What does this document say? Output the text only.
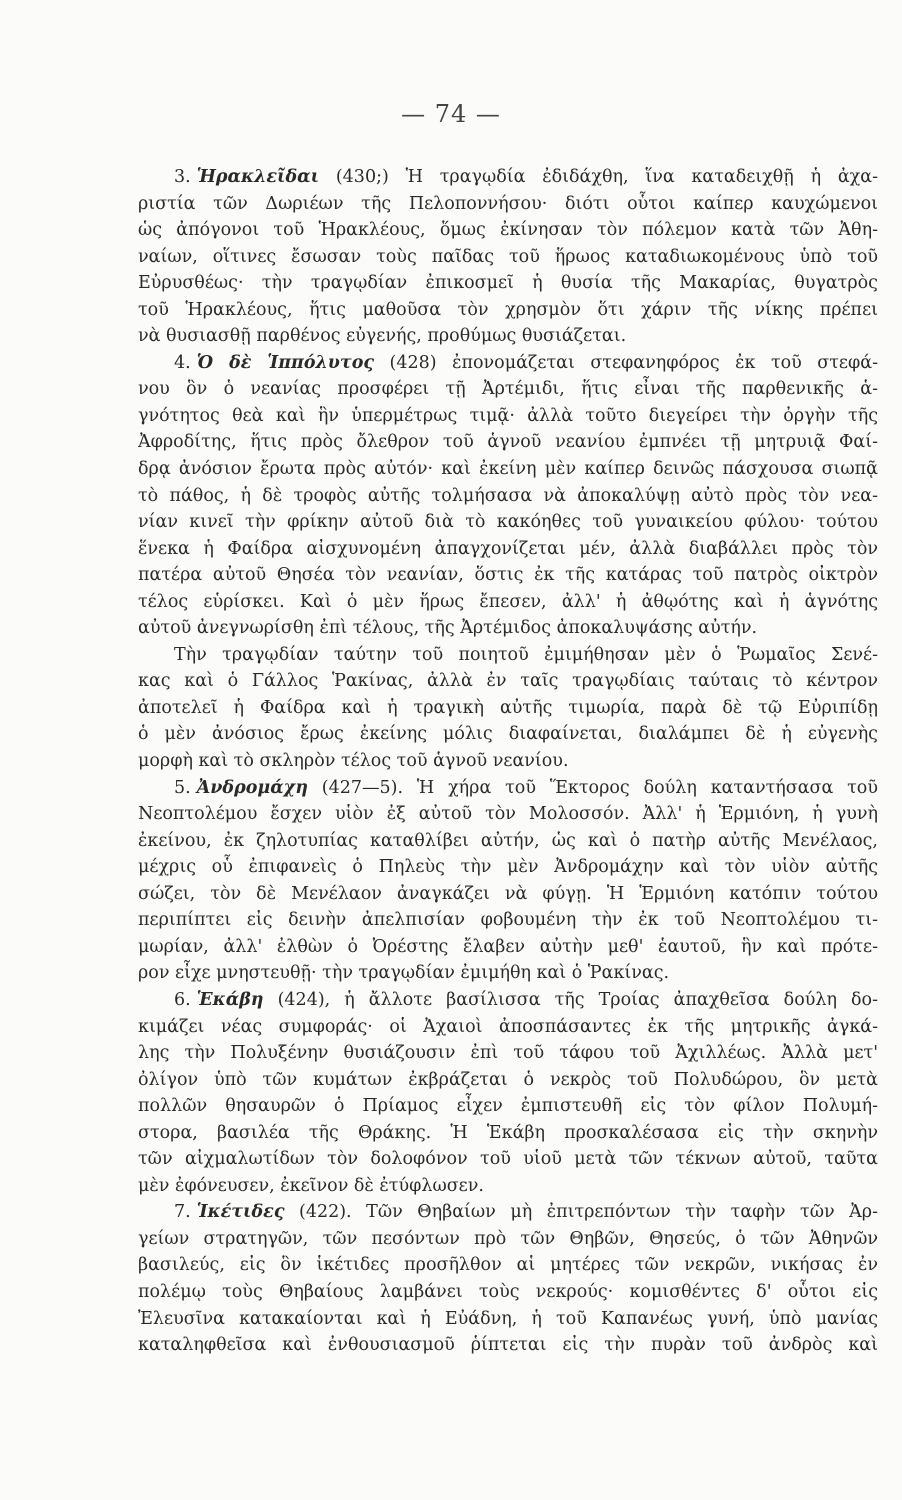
— 74 —
3. Ἡρακλεῖδαι (430;) Ἡ τραγῳδία ἐδιδάχθη, ἵνα καταδειχθῇ ἡ ἀχα-
ριστία τῶν Δωριέων τῆς Πελοποννήσου· διότι οὗτοι καίπερ καυχώμενοι
ὡς ἀπόγονοι τοῦ Ἡρακλέους, ὅμως ἐκίνησαν τὸν πόλεμον κατὰ τῶν Ἀθη-
ναίων, οἵτινες ἔσωσαν τοὺς παῖδας τοῦ ἥρωος καταδιωκομένους ὑπὸ τοῦ
Εὐρυσθέως· τὴν τραγῳδίαν ἐπικοσμεῖ ἡ θυσία τῆς Μακαρίας, θυγατρὸς
τοῦ Ἡρακλέους, ἥτις μαθοῦσα τὸν χρησμὸν ὅτι χάριν τῆς νίκης πρέπει
νὰ θυσιασθῇ παρθένος εὐγενής, προθύμως θυσιάζεται.
4. Ὁ δὲ Ἱππόλυτος (428) ἐπονομάζεται στεφανηφόρος ἐκ τοῦ στεφά-
νου ὃν ὁ νεανίας προσφέρει τῇ Ἀρτέμιδι, ἥτις εἶναι τῆς παρθενικῆς ἁ-
γνότητος θεὰ καὶ ἣν ὑπερμέτρως τιμᾷ· ἀλλὰ τοῦτο διεγείρει τὴν ὀργὴν τῆς
Ἀφροδίτης, ἥτις πρὸς ὄλεθρον τοῦ ἁγνοῦ νεανίου ἐμπνέει τῇ μητρυιᾷ Φαί-
δρᾳ ἀνόσιον ἔρωτα πρὸς αὐτόν· καὶ ἐκείνη μὲν καίπερ δεινῶς πάσχουσα σιωπᾷ
τὸ πάθος, ἡ δὲ τροφὸς αὐτῆς τολμήσασα νὰ ἀποκαλύψῃ αὐτὸ πρὸς τὸν νεα-
νίαν κινεῖ τὴν φρίκην αὐτοῦ διὰ τὸ κακόηθες τοῦ γυναικείου φύλου· τούτου
ἕνεκα ἡ Φαίδρα αἰσχυνομένη ἀπαγχονίζεται μέν, ἀλλὰ διαβάλλει πρὸς τὸν
πατέρα αὐτοῦ Θησέα τὸν νεανίαν, ὅστις ἐκ τῆς κατάρας τοῦ πατρὸς οἰκτρὸν
τέλος εὑρίσκει. Καὶ ὁ μὲν ἥρως ἔπεσεν, ἀλλ' ἡ ἀθῳότης καὶ ἡ ἁγνότης
αὐτοῦ ἀνεγνωρίσθη ἐπὶ τέλους, τῆς Ἀρτέμιδος ἀποκαλυψάσης αὐτήν.
Τὴν τραγῳδίαν ταύτην τοῦ ποιητοῦ ἐμιμήθησαν μὲν ὁ Ῥωμαῖος Σενέ-
κας καὶ ὁ Γάλλος Ῥακίνας, ἀλλὰ ἐν ταῖς τραγῳδίαις ταύταις τὸ κέντρον
ἀποτελεῖ ἡ Φαίδρα καὶ ἡ τραγικὴ αὐτῆς τιμωρία, παρὰ δὲ τῷ Εὐριπίδῃ
ὁ μὲν ἀνόσιος ἔρως ἐκείνης μόλις διαφαίνεται, διαλάμπει δὲ ἡ εὐγενὴς
μορφὴ καὶ τὸ σκληρὸν τέλος τοῦ ἁγνοῦ νεανίου.
5. Ἀνδρομάχη (427—5). Ἡ χήρα τοῦ Ἕκτορος δούλη καταντήσασα τοῦ
Νεοπτολέμου ἔσχεν υἱὸν ἐξ αὐτοῦ τὸν Μολοσσόν. Ἀλλ' ἡ Ἑρμιόνη, ἡ γυνὴ
ἐκείνου, ἐκ ζηλοτυπίας καταθλίβει αὐτήν, ὡς καὶ ὁ πατὴρ αὐτῆς Μενέλαος,
μέχρις οὗ ἐπιφανεὶς ὁ Πηλεὺς τὴν μὲν Ἀνδρομάχην καὶ τὸν υἱὸν αὐτῆς
σώζει, τὸν δὲ Μενέλαον ἀναγκάζει νὰ φύγῃ. Ἡ Ἑρμιόνη κατόπιν τούτου
περιπίπτει εἰς δεινὴν ἀπελπισίαν φοβουμένη τὴν ἐκ τοῦ Νεοπτολέμου τι-
μωρίαν, ἀλλ' ἐλθὼν ὁ Ὀρέστης ἔλαβεν αὐτὴν μεθ' ἑαυτοῦ, ἣν καὶ πρότε-
ρον εἶχε μνηστευθῇ· τὴν τραγῳδίαν ἐμιμήθη καὶ ὁ Ῥακίνας.
6. Ἑκάβη (424), ἡ ἄλλοτε βασίλισσα τῆς Τροίας ἀπαχθεῖσα δούλη δο-
κιμάζει νέας συμφοράς· οἱ Ἀχαιοὶ ἀποσπάσαντες ἐκ τῆς μητρικῆς ἀγκά-
λης τὴν Πολυξένην θυσιάζουσιν ἐπὶ τοῦ τάφου τοῦ Ἀχιλλέως. Ἀλλὰ μετ'
ὀλίγον ὑπὸ τῶν κυμάτων ἐκβράζεται ὁ νεκρὸς τοῦ Πολυδώρου, ὃν μετὰ
πολλῶν θησαυρῶν ὁ Πρίαμος εἶχεν ἐμπιστευθῆ εἰς τὸν φίλον Πολυμή-
στορα, βασιλέα τῆς Θράκης. Ἡ Ἑκάβη προσκαλέσασα εἰς τὴν σκηνὴν
τῶν αἰχμαλωτίδων τὸν δολοφόνον τοῦ υἱοῦ μετὰ τῶν τέκνων αὐτοῦ, ταῦτα
μὲν ἐφόνευσεν, ἐκεῖνον δὲ ἐτύφλωσεν.
7. Ἱκέτιδες (422). Τῶν Θηβαίων μὴ ἐπιτρεπόντων τὴν ταφὴν τῶν Ἀρ-
γείων στρατηγῶν, τῶν πεσόντων πρὸ τῶν Θηβῶν, Θησεύς, ὁ τῶν Ἀθηνῶν
βασιλεύς, εἰς ὃν ἱκέτιδες προσῆλθον αἱ μητέρες τῶν νεκρῶν, νικήσας ἐν
πολέμῳ τοὺς Θηβαίους λαμβάνει τοὺς νεκρούς· κομισθέντες δ' οὗτοι εἰς
Ἐλευσῖνα κατακαίονται καὶ ἡ Εὐάδνη, ἡ τοῦ Καπανέως γυνή, ὑπὸ μανίας
καταληφθεῖσα καὶ ἐνθουσιασμοῦ ῥίπτεται εἰς τὴν πυρὰν τοῦ ἀνδρὸς καὶ
